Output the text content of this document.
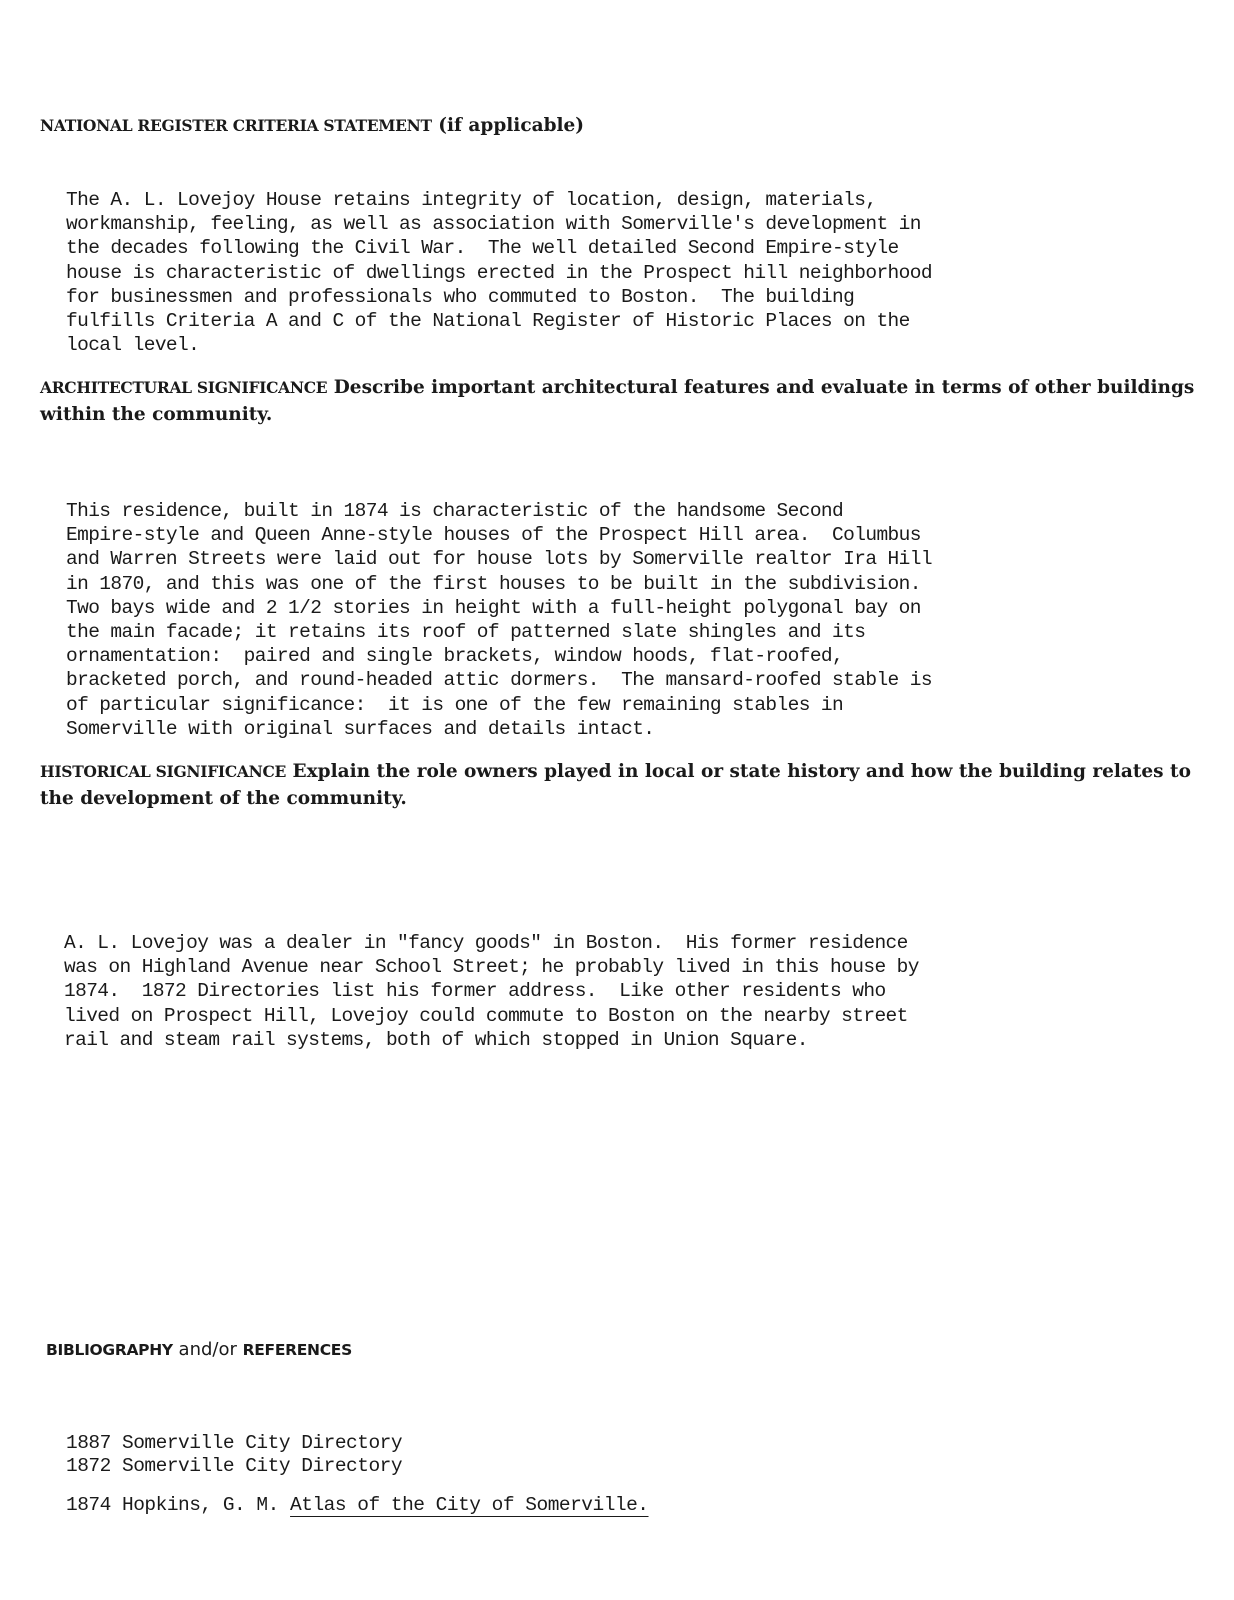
NATIONAL REGISTER CRITERIA STATEMENT (if applicable)
The A. L. Lovejoy House retains integrity of location, design, materials,
workmanship, feeling, as well as association with Somerville's development in
the decades following the Civil War.  The well detailed Second Empire-style
house is characteristic of dwellings erected in the Prospect hill neighborhood
for businessmen and professionals who commuted to Boston.  The building
fulfills Criteria A and C of the National Register of Historic Places on the
local level.
ARCHITECTURAL SIGNIFICANCE Describe important architectural features and evaluate in terms of other buildings within the community.
This residence, built in 1874 is characteristic of the handsome Second
Empire-style and Queen Anne-style houses of the Prospect Hill area.  Columbus
and Warren Streets were laid out for house lots by Somerville realtor Ira Hill
in 1870, and this was one of the first houses to be built in the subdivision.
Two bays wide and 2 1/2 stories in height with a full-height polygonal bay on
the main facade; it retains its roof of patterned slate shingles and its
ornamentation:  paired and single brackets, window hoods, flat-roofed,
bracketed porch, and round-headed attic dormers.  The mansard-roofed stable is
of particular significance:  it is one of the few remaining stables in
Somerville with original surfaces and details intact.
HISTORICAL SIGNIFICANCE Explain the role owners played in local or state history and how the building relates to the development of the community.
A. L. Lovejoy was a dealer in "fancy goods" in Boston.  His former residence
was on Highland Avenue near School Street; he probably lived in this house by
1874.  1872 Directories list his former address.  Like other residents who
lived on Prospect Hill, Lovejoy could commute to Boston on the nearby street
rail and steam rail systems, both of which stopped in Union Square.
BIBLIOGRAPHY and/or REFERENCES
1887 Somerville City Directory
1872 Somerville City Directory
1874 Hopkins, G. M. Atlas of the City of Somerville.
